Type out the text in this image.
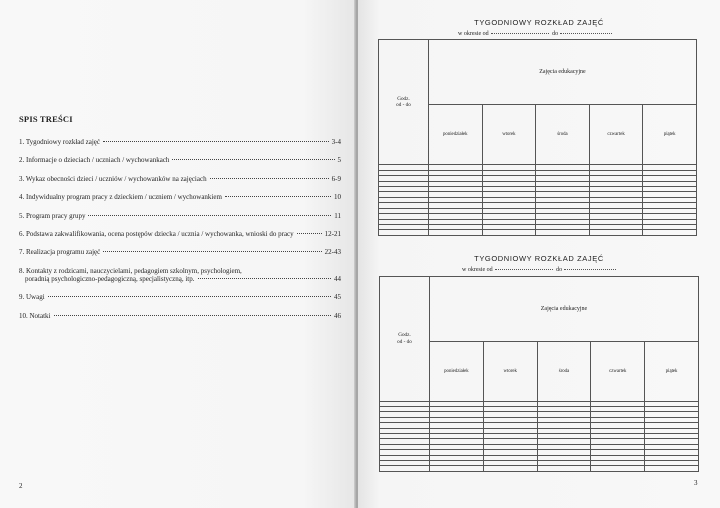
SPIS TREŚCI
1. Tygodniowy rozkład zajęć	3-4
2. Informacje o dzieciach / uczniach / wychowankach	5
3. Wykaz obecności dzieci / uczniów / wychowanków na zajęciach	6-9
4. Indywidualny program pracy z dzieckiem / uczniem / wychowankiem	10
5. Program pracy grupy	11
6. Podstawa zakwalifikowania, ocena postępów dziecka / ucznia / wychowanka, wnioski do pracy	12-21
7. Realizacja programu zajęć	22-43
8. Kontakty z rodzicami, nauczycielami, pedagogiem szkolnym, psychologiem,
poradnią psychologiczno-pedagogiczną, specjalistyczną, itp.	44
9. Uwagi	45
10. Notatki	46
2
TYGODNIOWY ROZKŁAD ZAJĘĆ
w okresie od	do
Godz.
od - do	Zajęcia edukacyjne				
	poniedziałek	wtorek	środa	czwartek	piątek

TYGODNIOWY ROZKŁAD ZAJĘĆ
w okresie od	do
Godz.
od - do	Zajęcia edukacyjne				
	poniedziałek	wtorek	środa	czwartek	piątek

3
